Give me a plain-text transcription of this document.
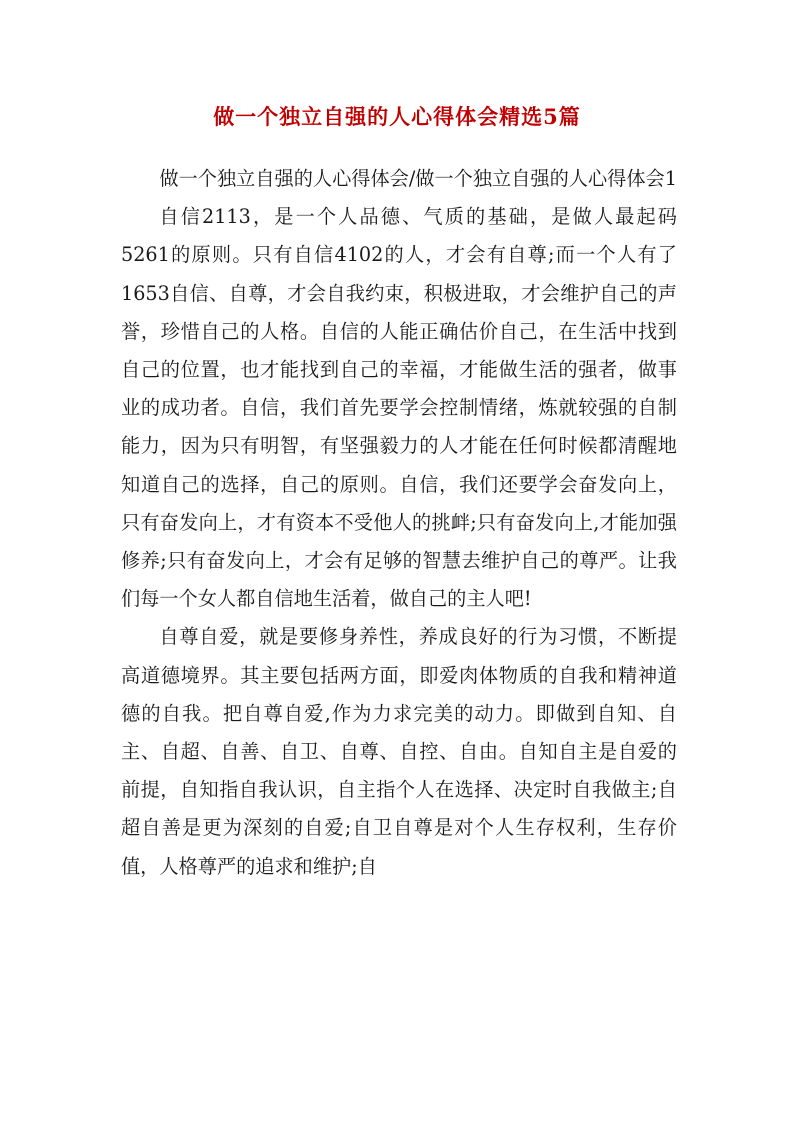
做一个独立自强的人心得体会精选5篇

做一个独立自强的人心得体会/做一个独立自强的人心得体会1

自信2113，是一个人品德、气质的基础，是做人最起码5261的原则。只有自信4102的人，才会有自尊;而一个人有了1653自信、自尊，才会自我约束，积极进取，才会维护自己的声誉，珍惜自己的人格。自信的人能正确估价自己，在生活中找到自己的位置，也才能找到自己的幸福，才能做生活的强者，做事业的成功者。自信，我们首先要学会控制情绪，炼就较强的自制能力，因为只有明智，有坚强毅力的人才能在任何时候都清醒地知道自己的选择，自己的原则。自信，我们还要学会奋发向上，只有奋发向上，才有资本不受他人的挑衅;只有奋发向上,才能加强修养;只有奋发向上，才会有足够的智慧去维护自己的尊严。让我们每一个女人都自信地生活着，做自己的主人吧!

自尊自爱，就是要修身养性，养成良好的行为习惯，不断提高道德境界。其主要包括两方面，即爱肉体物质的自我和精神道德的自我。把自尊自爱,作为力求完美的动力。即做到自知、自主、自超、自善、自卫、自尊、自控、自由。自知自主是自爱的前提，自知指自我认识，自主指个人在选择、决定时自我做主;自超自善是更为深刻的自爱;自卫自尊是对个人生存权利，生存价值，人格尊严的追求和维护;自
